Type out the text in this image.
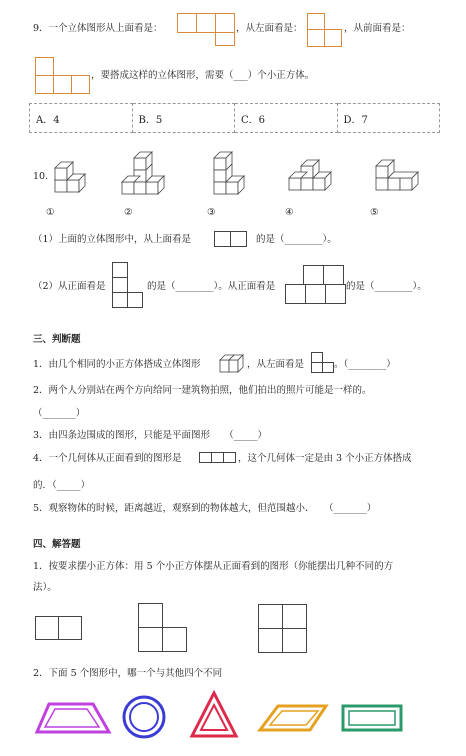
9．一个立体图形从上面看是：	，从左面看是：	，从前面看是：
，要搭成这样的立体图形，需要（___）个小正方体。
A．4	B．5	C．6	D．7
10.
①	②	③	④	⑤
（1）上面的立体图形中，从上面看是	的是（________）。
（2）从正面看是	的是（________）。从正面看是	的是（________）。
三、判断题
1．由几个相同的小正方体搭成立体图形	，从左面看是	。（________）
2．两个人分别站在两个方向给同一建筑物拍照，他们拍出的照片可能是一样的。
（_______）
3．由四条边围成的图形，只能是平面图形　　（_____）
4．一个几何体从正面看到的图形是	，这个几何体一定是由 3 个小正方体搭成
的．（_____）
5．观察物体的时候，距离越近，观察到的物体越大，但范围越小．　　（_______）
四、解答题
1．按要求摆小正方体：用 5 个小正方体摆从正面看到的图形（你能摆出几种不同的方
法）。
2．下面 5 个图形中，哪一个与其他四个不同
